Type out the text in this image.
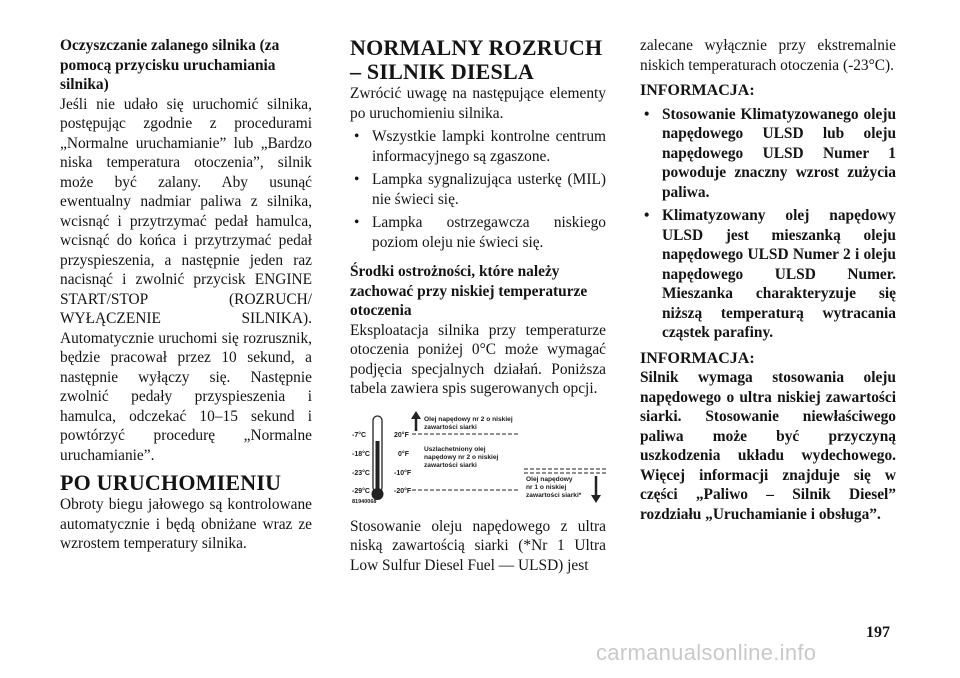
Oczyszczanie zalanego silnika (za pomocą przycisku uruchamiania silnika)

Jeśli nie udało się uruchomić silnika, postępując zgodnie z procedurami „Normalne uruchamianie” lub „Bardzo niska temperatura otoczenia”, silnik może być zalany. Aby usunąć ewentualny nadmiar paliwa z silnika, wcisnąć i przytrzymać pedał hamulca, wcisnąć do końca i przytrzymać pedał przyspieszenia, a następnie jeden raz nacisnąć i zwolnić przycisk ENGINE START/STOP (ROZRUCH/ WYŁĄCZENIE SILNIKA). Automatycznie uruchomi się rozrusznik, będzie pracował przez 10 sekund, a następnie wyłączy się. Następnie zwolnić pedały przyspieszenia i hamulca, odczekać 10–15 sekund i powtórzyć procedurę „Normalne uruchamianie”.

PO URUCHOMIENIU

Obroty biegu jałowego są kontrolowane automatycznie i będą obniżane wraz ze wzrostem temperatury silnika.

NORMALNY ROZRUCH – SILNIK DIESLA

Zwrócić uwagę na następujące elementy po uruchomieniu silnika.

• Wszystkie lampki kontrolne centrum informacyjnego są zgaszone.
• Lampka sygnalizująca usterkę (MIL) nie świeci się.
• Lampka ostrzegawcza niskiego poziom oleju nie świeci się.
Środki ostrożności, które należy zachować przy niskiej temperaturze otoczenia

Eksploatacja silnika przy temperaturze otoczenia poniżej 0°C może wymagać podjęcia specjalnych działań. Poniższa tabela zawiera spis sugerowanych opcji.

-7°C
-18°C
-23°C
-29°C
20°F
0°F
-10°F
-20°F
Olej napędowy nr 2 o niskiej
zawartości siarki
Uszlachetniony olej
napędowy nr 2 o niskiej
zawartości siarki
Olej napędowy
nr 1 o niskiej
zawartości siarki*
81940068

Stosowanie oleju napędowego z ultra niską zawartością siarki (*Nr 1 Ultra Low Sulfur Diesel Fuel — ULSD) jest

zalecane wyłącznie przy ekstremalnie niskich temperaturach otoczenia (-23°C).

INFORMACJA:
• Stosowanie Klimatyzowanego oleju napędowego ULSD lub oleju napędowego ULSD Numer 1 powoduje znaczny wzrost zużycia paliwa.
• Klimatyzowany olej napędowy ULSD jest mieszanką oleju napędowego ULSD Numer 2 i oleju napędowego ULSD Numer. Mieszanka charakteryzuje się niższą temperaturą wytracania cząstek parafiny.
INFORMACJA:

Silnik wymaga stosowania oleju napędowego o ultra niskiej zawartości siarki. Stosowanie niewłaściwego paliwa może być przyczyną uszkodzenia układu wydechowego. Więcej informacji znajduje się w części „Paliwo – Silnik Diesel” rozdziału „Uruchamianie i obsługa”.

197
carmanualsonline.info
